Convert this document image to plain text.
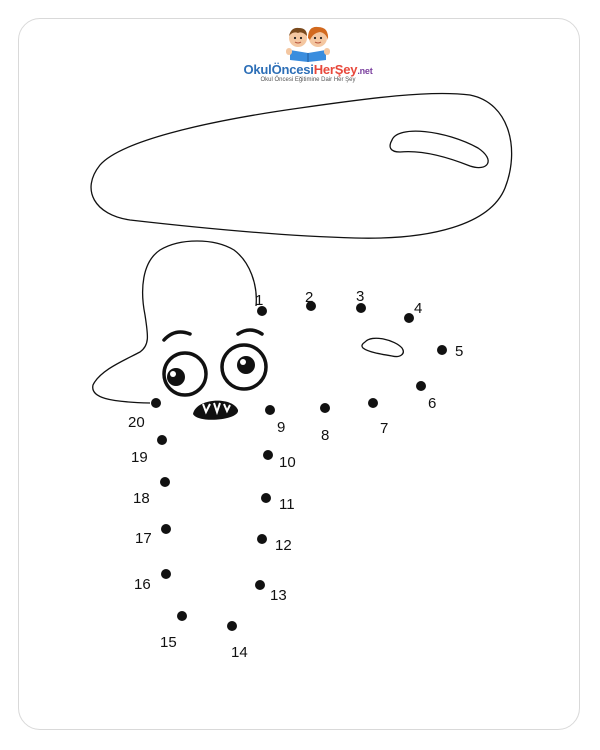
OkulÖncesiHerŞey.net
Okul Öncesi Eğitimine Dair Her Şey
1	2	3
4
5
6
7
8
9
10
11
12
13
14
15
16
17
18
19
20
